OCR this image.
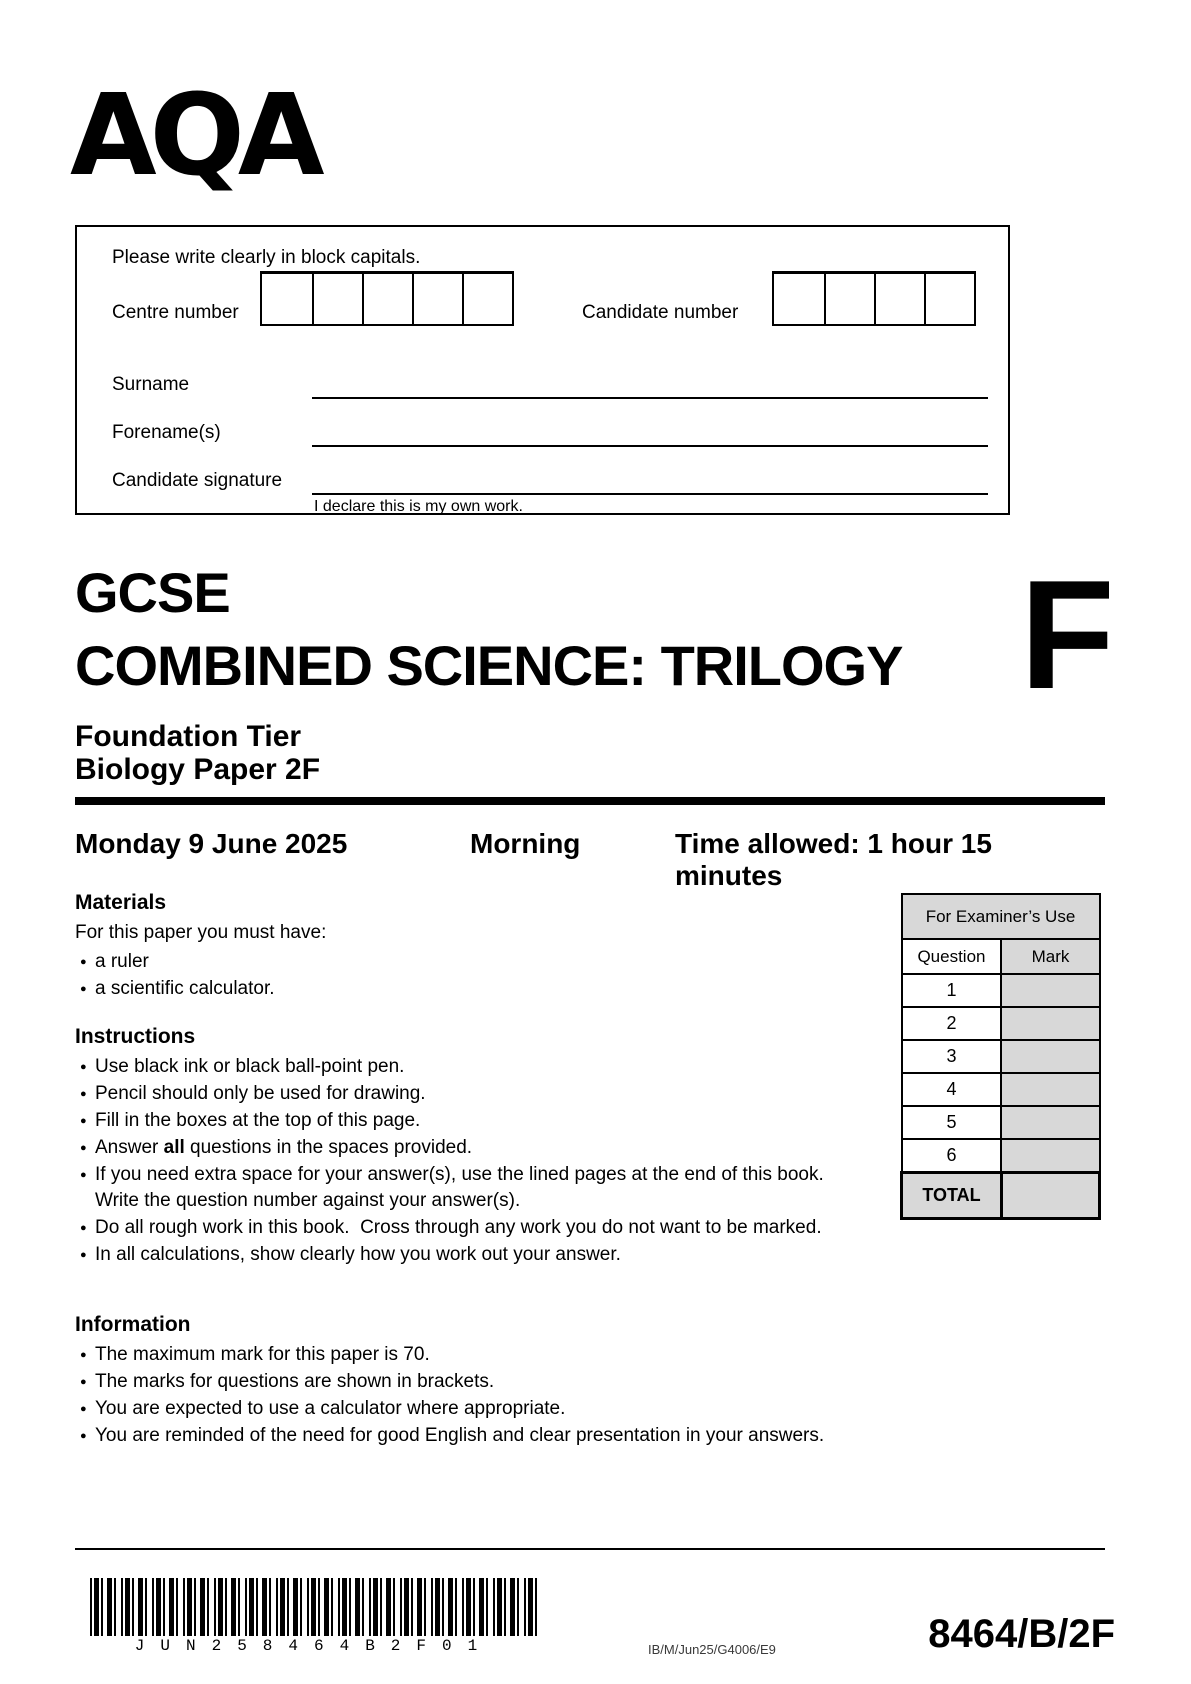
AQA
Please write clearly in block capitals.
Centre number	Candidate number
Surname
Forename(s)
Candidate signature
I declare this is my own work.
GCSE
COMBINED SCIENCE: TRILOGY F
Foundation Tier
Biology Paper 2F
Monday 9 June 2025	Morning	Time allowed: 1 hour 15 minutes
Materials

For this paper you must have:

● a ruler
● a scientific calculator.
Instructions
● Use black ink or black ball-point pen.
● Pencil should only be used for drawing.
● Fill in the boxes at the top of this page.
● Answer all questions in the spaces provided.
● If you need extra space for your answer(s), use the lined pages at the end of this book.  Write the question number against your answer(s).
● Do all rough work in this book.  Cross through any work you do not want to be marked.
● In all calculations, show clearly how you work out your answer.
Information
● The maximum mark for this paper is 70.
● The marks for questions are shown in brackets.
● You are expected to use a calculator where appropriate.
● You are reminded of the need for good English and clear presentation in your answers.
For Examiner’s Use	
Question	Mark
1	
2	
3	
4	
5	
6	
TOTAL	
JUN258464B2F01	IB/M/Jun25/G4006/E9	8464/B/2F
